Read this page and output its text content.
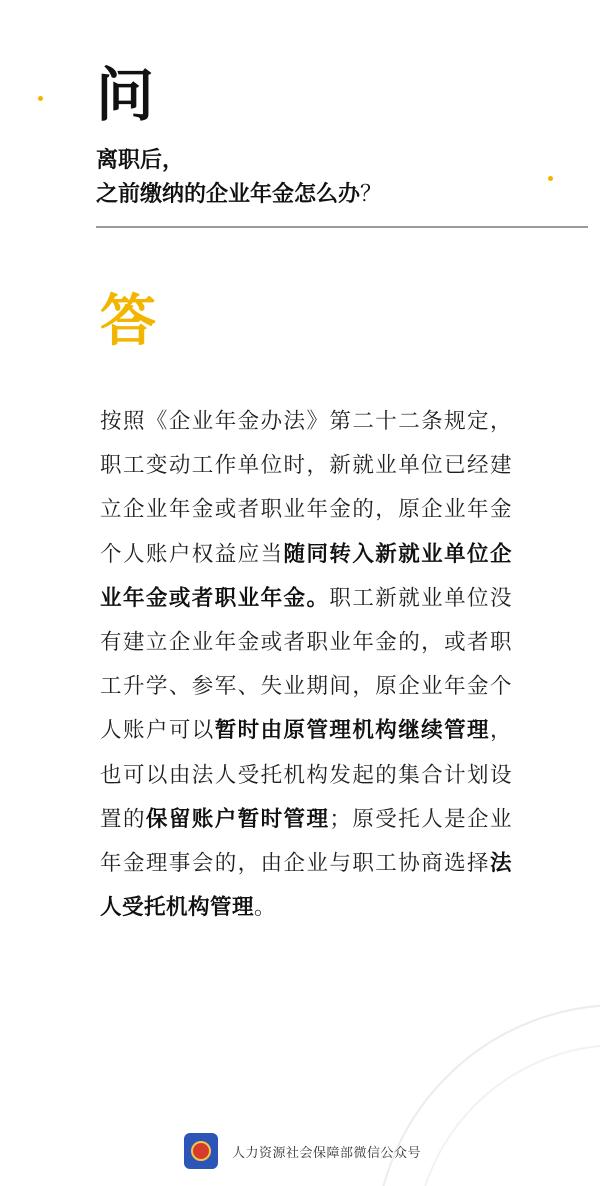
问
离职后，
之前缴纳的企业年金怎么办？
答
按照《企业年金办法》第二十二条规定，职工变动工作单位时，新就业单位已经建立企业年金或者职业年金的，原企业年金个人账户权益应当随同转入新就业单位企业年金或者职业年金。职工新就业单位没有建立企业年金或者职业年金的，或者职工升学、参军、失业期间，原企业年金个人账户可以暂时由原管理机构继续管理，也可以由法人受托机构发起的集合计划设置的保留账户暂时管理；原受托人是企业年金理事会的，由企业与职工协商选择法人受托机构管理。
人力资源社会保障部微信公众号
